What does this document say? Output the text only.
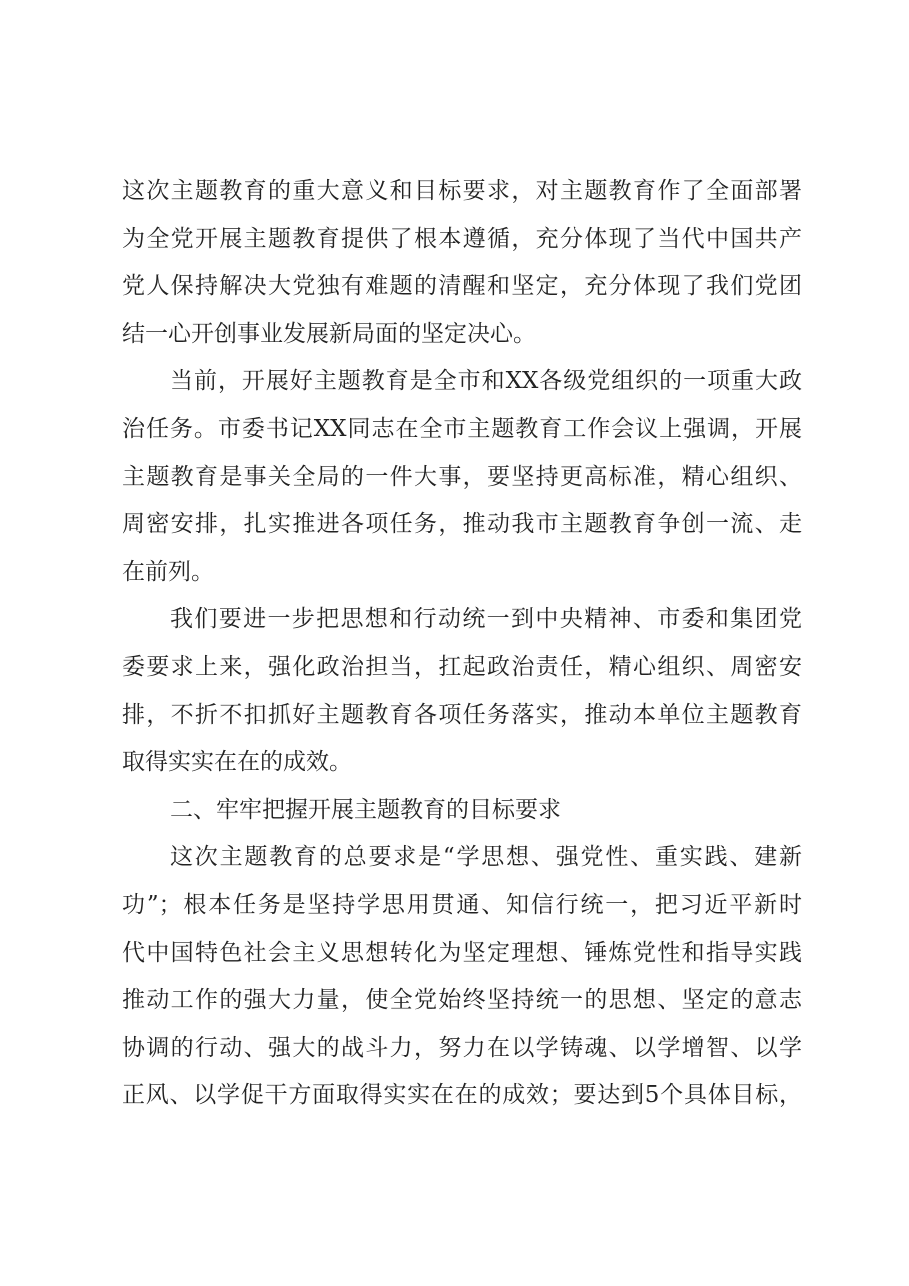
这次主题教育的重大意义和目标要求，对主题教育作了全面部署
为全党开展主题教育提供了根本遵循，充分体现了当代中国共产
党人保持解决大党独有难题的清醒和坚定，充分体现了我们党团
结一心开创事业发展新局面的坚定决心。
当前，开展好主题教育是全市和XX各级党组织的一项重大政
治任务。市委书记XX同志在全市主题教育工作会议上强调，开展
主题教育是事关全局的一件大事，要坚持更高标准，精心组织、
周密安排，扎实推进各项任务，推动我市主题教育争创一流、走
在前列。
我们要进一步把思想和行动统一到中央精神、市委和集团党
委要求上来，强化政治担当，扛起政治责任，精心组织、周密安
排，不折不扣抓好主题教育各项任务落实，推动本单位主题教育
取得实实在在的成效。
二、牢牢把握开展主题教育的目标要求
这次主题教育的总要求是“学思想、强党性、重实践、建新
功”；根本任务是坚持学思用贯通、知信行统一，把习近平新时
代中国特色社会主义思想转化为坚定理想、锤炼党性和指导实践
推动工作的强大力量，使全党始终坚持统一的思想、坚定的意志
协调的行动、强大的战斗力，努力在以学铸魂、以学增智、以学
正风、以学促干方面取得实实在在的成效；要达到5个具体目标，
